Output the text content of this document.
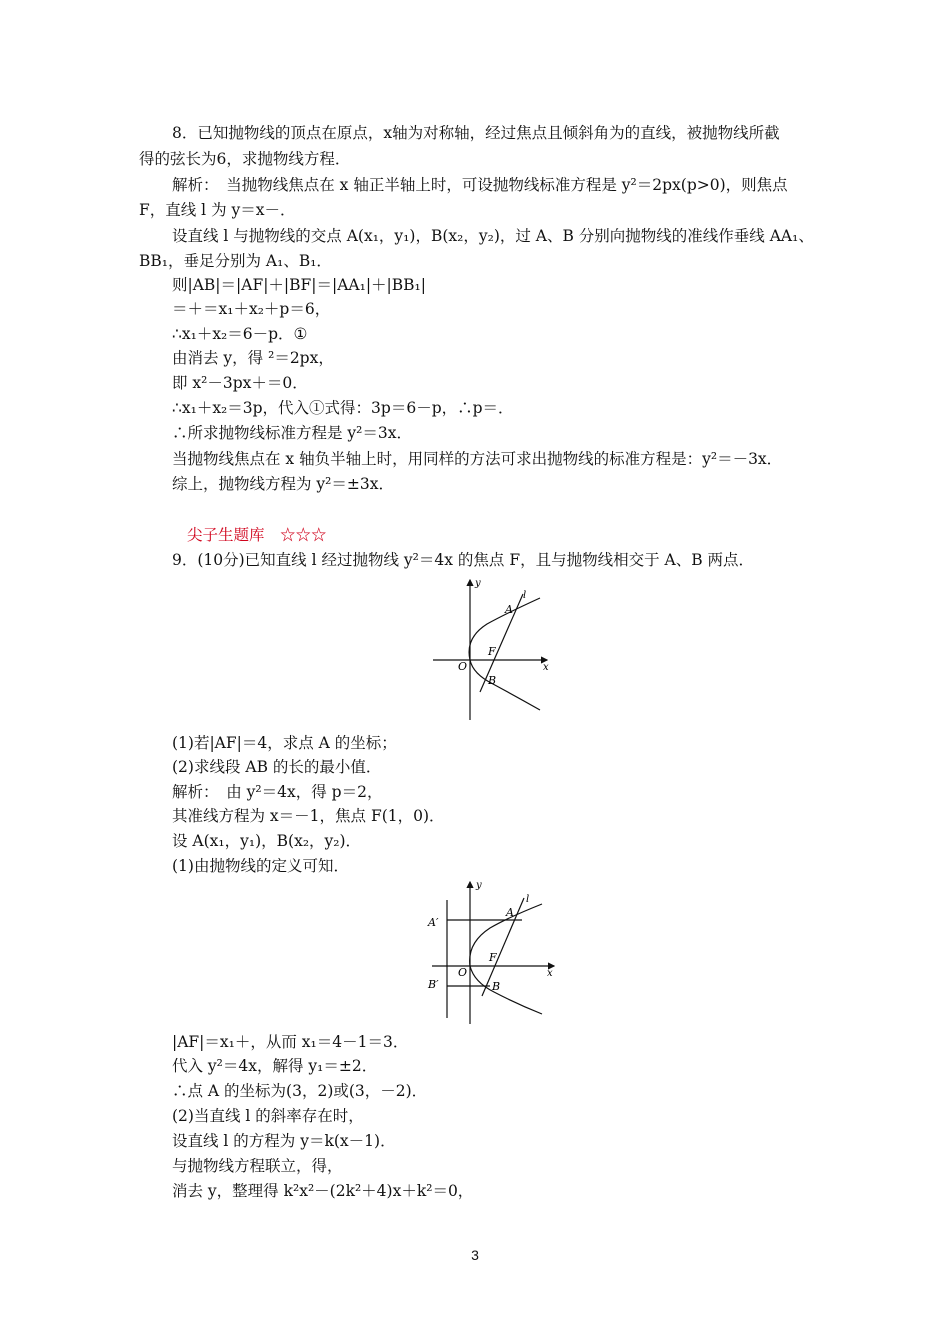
8．已知抛物线的顶点在原点，x轴为对称轴，经过焦点且倾斜角为的直线，被抛物线所截
得的弦长为6，求抛物线方程．
解析：　当抛物线焦点在 x 轴正半轴上时，可设抛物线标准方程是 y²＝2px(p>0)，则焦点
F，直线 l 为 y＝x－．
设直线 l 与抛物线的交点 A(x₁，y₁)，B(x₂，y₂)，过 A、B 分别向抛物线的准线作垂线 AA₁、
BB₁，垂足分别为 A₁、B₁．
则|AB|＝|AF|＋|BF|＝|AA₁|＋|BB₁|
＝＋＝x₁＋x₂＋p＝6，
∴x₁＋x₂＝6－p．①
由消去 y，得 ²＝2px，
即 x²－3px＋＝0．
∴x₁＋x₂＝3p，代入①式得：3p＝6－p，∴p＝．
∴所求抛物线标准方程是 y²＝3x．
当抛物线焦点在 x 轴负半轴上时，用同样的方法可求出抛物线的标准方程是：y²＝－3x．
综上，抛物线方程为 y²＝±3x．
尖子生题库　☆☆☆
9．(10分)已知直线 l 经过抛物线 y²＝4x 的焦点 F，且与抛物线相交于 A、B 两点．
y
x
l
A
F
B
O
(1)若|AF|＝4，求点 A 的坐标；
(2)求线段 AB 的长的最小值．
解析：　由 y²＝4x，得 p＝2，
其准线方程为 x＝－1，焦点 F(1，0)．
设 A(x₁，y₁)，B(x₂，y₂)．
(1)由抛物线的定义可知．
y
x
l
A
F
B
O
A′
B′
|AF|＝x₁＋，从而 x₁＝4－1＝3．
代入 y²＝4x，解得 y₁＝±2．
∴点 A 的坐标为(3，2)或(3，－2)．
(2)当直线 l 的斜率存在时，
设直线 l 的方程为 y＝k(x－1)．
与抛物线方程联立，得，
消去 y，整理得 k²x²－(2k²＋4)x＋k²＝0，
3
